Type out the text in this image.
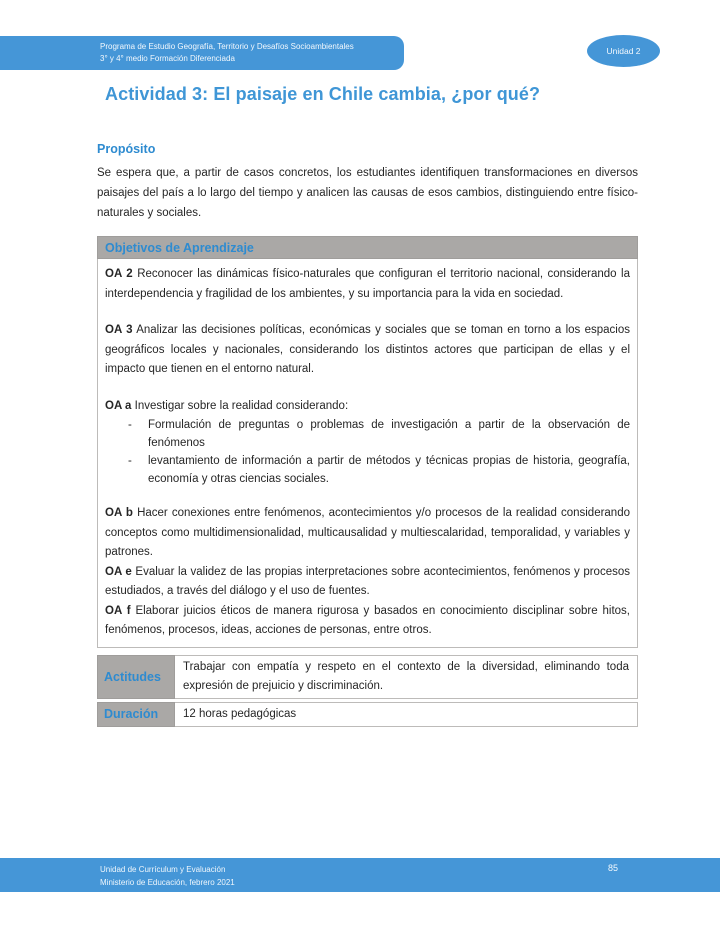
Programa de Estudio Geografía, Territorio y Desafíos Socioambientales
3° y 4° medio Formación Diferenciada
Unidad 2
Actividad 3: El paisaje en Chile cambia, ¿por qué?
Propósito

Se espera que, a partir de casos concretos, los estudiantes identifiquen transformaciones en diversos paisajes del país a lo largo del tiempo y analicen las causas de esos cambios, distinguiendo entre físico-naturales y sociales.

Objetivos de Aprendizaje

OA 2 Reconocer las dinámicas físico-naturales que configuran el territorio nacional, considerando la interdependencia y fragilidad de los ambientes, y su importancia para la vida en sociedad.

OA 3 Analizar las decisiones políticas, económicas y sociales que se toman en torno a los espacios geográficos locales y nacionales, considerando los distintos actores que participan de ellas y el impacto que tienen en el entorno natural.

OA a Investigar sobre la realidad considerando:

- Formulación de preguntas o problemas de investigación a partir de la observación de fenómenos
- levantamiento de información a partir de métodos y técnicas propias de historia, geografía, economía y otras ciencias sociales.

OA b Hacer conexiones entre fenómenos, acontecimientos y/o procesos de la realidad considerando conceptos como multidimensionalidad, multicausalidad y multiescalaridad, temporalidad, y variables y patrones.

OA e Evaluar la validez de las propias interpretaciones sobre acontecimientos, fenómenos y procesos estudiados, a través del diálogo y el uso de fuentes.

OA f Elaborar juicios éticos de manera rigurosa y basados en conocimiento disciplinar sobre hitos, fenómenos, procesos, ideas, acciones de personas, entre otros.

Actitudes
Trabajar con empatía y respeto en el contexto de la diversidad, eliminando toda expresión de prejuicio y discriminación.
Duración	12 horas pedagógicas
Unidad de Currículum y Evaluación
Ministerio de Educación, febrero 2021
85
